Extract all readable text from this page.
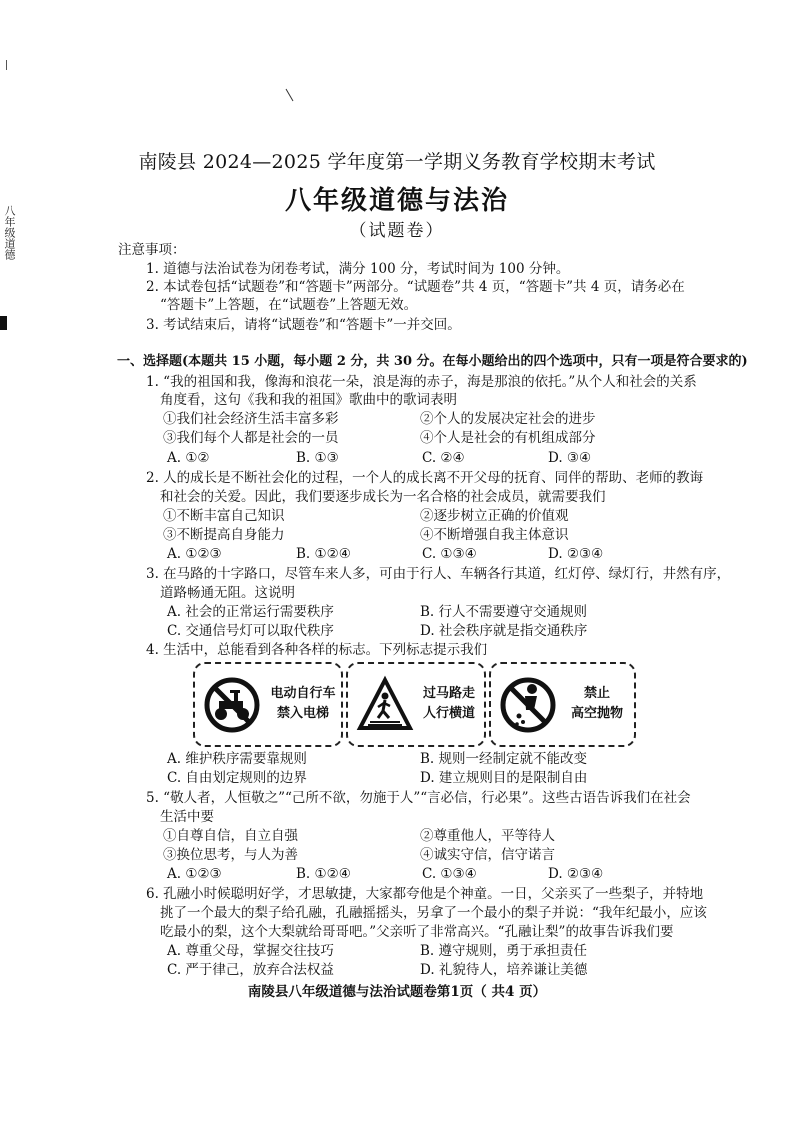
八年级道德
南陵县 2024—2025 学年度第一学期义务教育学校期末考试
八年级道德与法治
（试题卷）
注意事项：
1. 道德与法治试卷为闭卷考试，满分 100 分，考试时间为 100 分钟。
2. 本试卷包括“试题卷”和“答题卡”两部分。“试题卷”共 4 页，“答题卡”共 4 页，请务必在
“答题卡”上答题，在“试题卷”上答题无效。
3. 考试结束后，请将“试题卷”和“答题卡”一并交回。
一、选择题(本题共 15 小题，每小题 2 分，共 30 分。在每小题给出的四个选项中，只有一项是符合要求的)
1. “我的祖国和我，像海和浪花一朵，浪是海的赤子，海是那浪的依托。”从个人和社会的关系
角度看，这句《我和我的祖国》歌曲中的歌词表明
①我们社会经济生活丰富多彩	②个人的发展决定社会的进步
③我们每个人都是社会的一员	④个人是社会的有机组成部分
A. ①②	B. ①③	C. ②④	D. ③④
2. 人的成长是不断社会化的过程，一个人的成长离不开父母的抚育、同伴的帮助、老师的教诲
和社会的关爱。因此，我们要逐步成长为一名合格的社会成员，就需要我们
①不断丰富自己知识	②逐步树立正确的价值观
③不断提高自身能力	④不断增强自我主体意识
A. ①②③	B. ①②④	C. ①③④	D. ②③④
3. 在马路的十字路口，尽管车来人多，可由于行人、车辆各行其道，红灯停、绿灯行，井然有序，
道路畅通无阻。这说明
A. 社会的正常运行需要秩序	B. 行人不需要遵守交通规则
C. 交通信号灯可以取代秩序	D. 社会秩序就是指交通秩序
4. 生活中，总能看到各种各样的标志。下列标志提示我们
电动自行车
禁入电梯
过马路走
人行横道
禁止
高空抛物
A. 维护秩序需要靠规则	B. 规则一经制定就不能改变
C. 自由划定规则的边界	D. 建立规则目的是限制自由
5. “敬人者，人恒敬之”“己所不欲，勿施于人”“言必信，行必果”。这些古语告诉我们在社会
生活中要
①自尊自信，自立自强	②尊重他人，平等待人
③换位思考，与人为善	④诚实守信，信守诺言
A. ①②③	B. ①②④	C. ①③④	D. ②③④
6. 孔融小时候聪明好学，才思敏捷，大家都夸他是个神童。一日，父亲买了一些梨子，并特地
挑了一个最大的梨子给孔融，孔融摇摇头，另拿了一个最小的梨子并说：“我年纪最小，应该
吃最小的梨，这个大梨就给哥哥吧。”父亲听了非常高兴。“孔融让梨”的故事告诉我们要
A. 尊重父母，掌握交往技巧	B. 遵守规则，勇于承担责任
C. 严于律己，放弃合法权益	D. 礼貌待人，培养谦让美德
南陵县八年级道德与法治试题卷第1页（ 共4 页）
